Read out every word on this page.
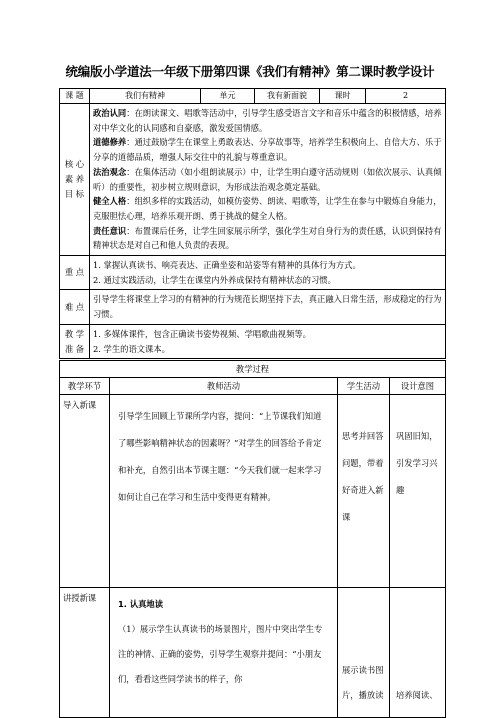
统编版小学道法一年级下册第四课《我们有精神》第二课时教学设计
课 题	我们有精神	单元	我有新面貌	课时	2
核 心 素 养 目 标	政治认同：在朗读课文、唱歌等活动中，引导学生感受语言文字和音乐中蕴含的积极情感，培养对中华文化的认同感和自豪感，激发爱国情感。
道德修养：通过鼓励学生在课堂上勇敢表达、分享故事等，培养学生积极向上、自信大方、乐于分享的道德品质，增强人际交往中的礼貌与尊重意识。
法治观念：在集体活动（如小组朗读展示）中，让学生明白遵守活动规则（如依次展示、认真倾听）的重要性，初步树立规则意识，为形成法治观念奠定基础。
健全人格：组织多样的实践活动，如模仿姿势、朗读、唱歌等，让学生在参与中锻炼自身能力，克服胆怯心理，培养乐观开朗、勇于挑战的健全人格。
责任意识：布置课后任务，让学生回家展示所学，强化学生对自身行为的责任感，认识到保持有精神状态是对自己和他人负责的表现。				

重 点	1. 掌握认真读书、响亮表达、正确坐姿和站姿等有精神的具体行为方式。
2. 通过实践活动，让学生在课堂内外养成保持有精神状态的习惯。				

难 点	引导学生将课堂上学习的有精神的行为规范长期坚持下去，真正融入日常生活，形成稳定的行为习惯。				
教 学 准 备	1. 多媒体课件，包含正确读书姿势视频、学唱歌曲视频等。
2. 学生的语文课本。				
教学过程			
教学环节	教师活动	学生活动	设计意图
导入新课	引导学生回顾上节课所学内容，提问：“上节课我们知道了哪些影响精神状态的因素呀？”对学生的回答给予肯定和补充，自然引出本节课主题：“今天我们就一起来学习如何让自己在学习和生活中变得更有精神。	思考并回答问题，带着好奇进入新课	巩固旧知，引发学习兴趣
讲授新课	1. 认真地读
（1）展示学生认真读书的场景图片，图片中突出学生专注的神情、正确的姿势，引导学生观察并提问：“小朋友们，看看这些同学读书的样子，你	展示读书图片，播放读	培养阅读、
